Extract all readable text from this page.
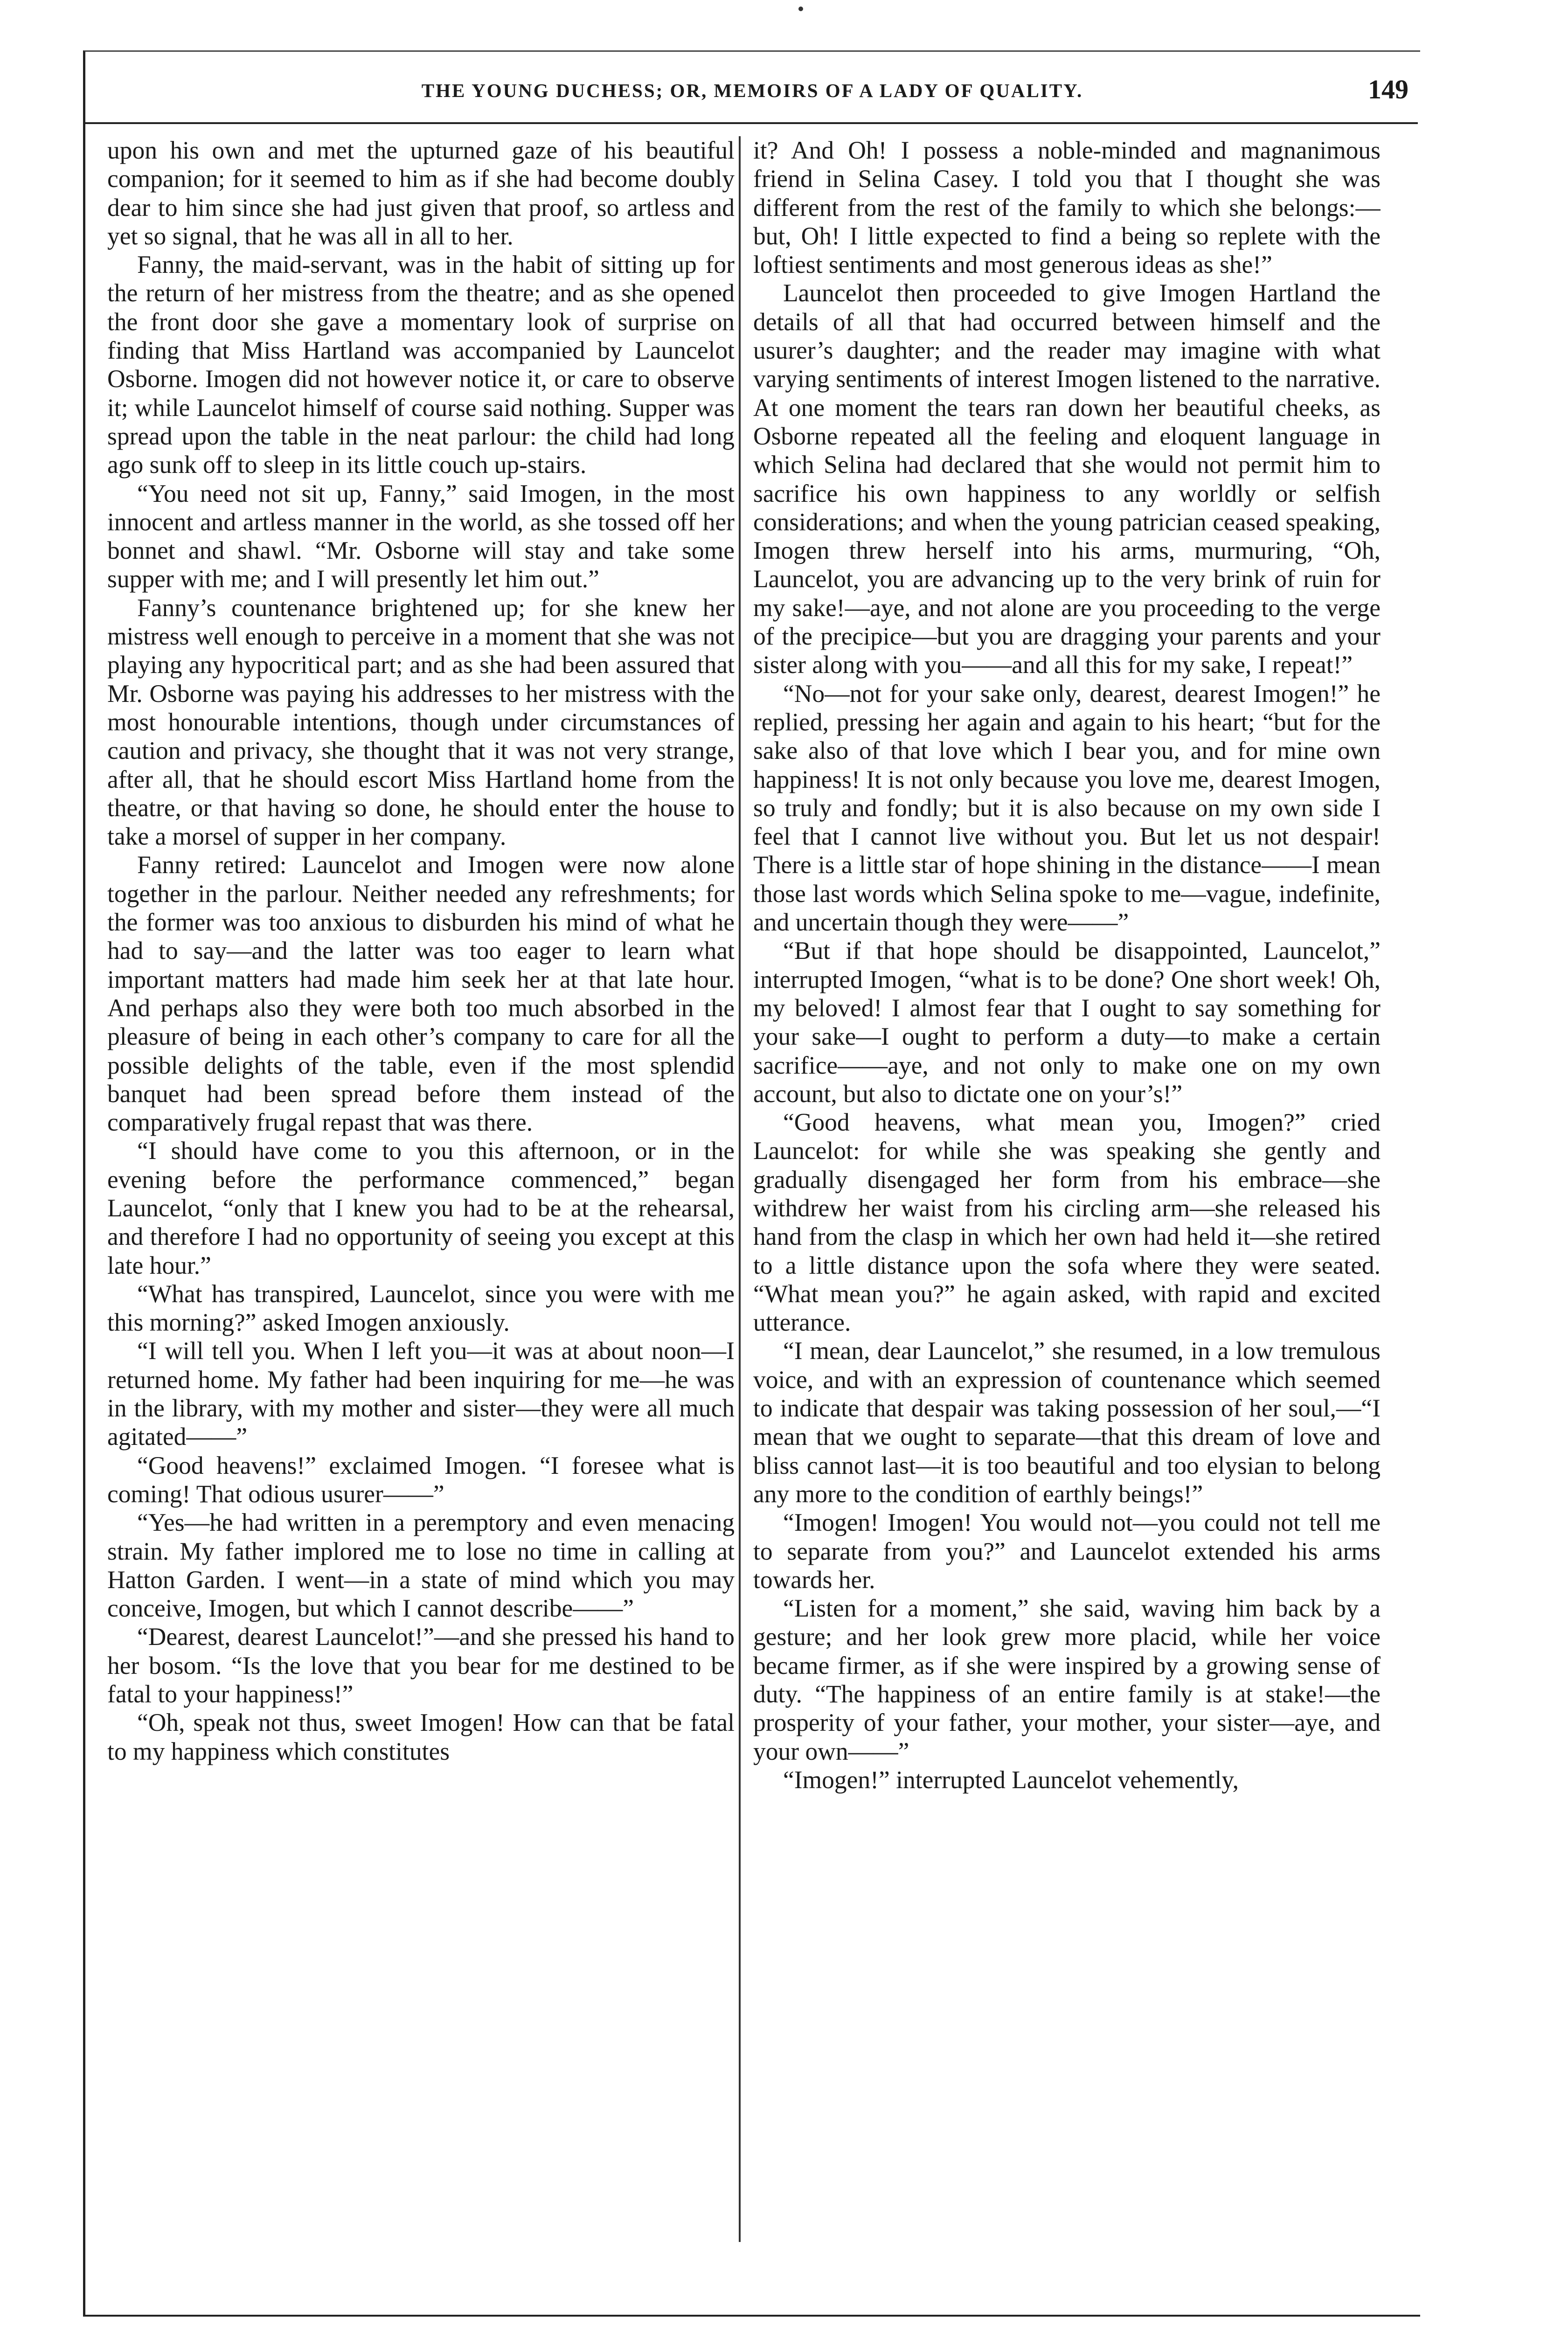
THE YOUNG DUCHESS; OR, MEMOIRS OF A LADY OF QUALITY.	149

upon his own and met the upturned gaze of his beautiful companion; for it seemed to him as if she had become doubly dear to him since she had just given that proof, so artless and yet so signal, that he was all in all to her.

Fanny, the maid-servant, was in the habit of sitting up for the return of her mistress from the theatre; and as she opened the front door she gave a momentary look of surprise on finding that Miss Hartland was accompanied by Launcelot Osborne. Imogen did not however notice it, or care to observe it; while Launcelot himself of course said nothing. Supper was spread upon the table in the neat parlour: the child had long ago sunk off to sleep in its little couch up-stairs.

“You need not sit up, Fanny,” said Imogen, in the most innocent and artless manner in the world, as she tossed off her bonnet and shawl. “Mr. Osborne will stay and take some supper with me; and I will presently let him out.”

Fanny’s countenance brightened up; for she knew her mistress well enough to perceive in a moment that she was not playing any hypocritical part; and as she had been assured that Mr. Osborne was paying his addresses to her mistress with the most honourable intentions, though under circumstances of caution and privacy, she thought that it was not very strange, after all, that he should escort Miss Hartland home from the theatre, or that having so done, he should enter the house to take a morsel of supper in her company.

Fanny retired: Launcelot and Imogen were now alone together in the parlour. Neither needed any refreshments; for the former was too anxious to disburden his mind of what he had to say—and the latter was too eager to learn what important matters had made him seek her at that late hour. And perhaps also they were both too much absorbed in the pleasure of being in each other’s company to care for all the possible delights of the table, even if the most splendid banquet had been spread before them instead of the comparatively frugal repast that was there.

“I should have come to you this afternoon, or in the evening before the performance commenced,” began Launcelot, “only that I knew you had to be at the rehearsal, and therefore I had no opportunity of seeing you except at this late hour.”

“What has transpired, Launcelot, since you were with me this morning?” asked Imogen anxiously.

“I will tell you. When I left you—it was at about noon—I returned home. My father had been inquiring for me—he was in the library, with my mother and sister—they were all much agitated——”

“Good heavens!” exclaimed Imogen. “I foresee what is coming! That odious usurer——”

“Yes—he had written in a peremptory and even menacing strain. My father implored me to lose no time in calling at Hatton Garden. I went—in a state of mind which you may conceive, Imogen, but which I cannot describe——”

“Dearest, dearest Launcelot!”—and she pressed his hand to her bosom. “Is the love that you bear for me destined to be fatal to your happiness!”

“Oh, speak not thus, sweet Imogen! How can that be fatal to my happiness which constitutes

it? And Oh! I possess a noble-minded and magnanimous friend in Selina Casey. I told you that I thought she was different from the rest of the family to which she belongs:—but, Oh! I little expected to find a being so replete with the loftiest sentiments and most generous ideas as she!”

Launcelot then proceeded to give Imogen Hartland the details of all that had occurred between himself and the usurer’s daughter; and the reader may imagine with what varying sentiments of interest Imogen listened to the narrative. At one moment the tears ran down her beautiful cheeks, as Osborne repeated all the feeling and eloquent language in which Selina had declared that she would not permit him to sacrifice his own happiness to any worldly or selfish considerations; and when the young patrician ceased speaking, Imogen threw herself into his arms, murmuring, “Oh, Launcelot, you are advancing up to the very brink of ruin for my sake!—aye, and not alone are you proceeding to the verge of the precipice—but you are dragging your parents and your sister along with you——and all this for my sake, I repeat!”

“No—not for your sake only, dearest, dearest Imogen!” he replied, pressing her again and again to his heart; “but for the sake also of that love which I bear you, and for mine own happiness! It is not only because you love me, dearest Imogen, so truly and fondly; but it is also because on my own side I feel that I cannot live without you. But let us not despair! There is a little star of hope shining in the distance——I mean those last words which Selina spoke to me—vague, indefinite, and uncertain though they were——”

“But if that hope should be disappointed, Launcelot,” interrupted Imogen, “what is to be done? One short week! Oh, my beloved! I almost fear that I ought to say something for your sake—I ought to perform a duty—to make a certain sacrifice——aye, and not only to make one on my own account, but also to dictate one on your’s!”

“Good heavens, what mean you, Imogen?” cried Launcelot: for while she was speaking she gently and gradually disengaged her form from his embrace—she withdrew her waist from his circling arm—she released his hand from the clasp in which her own had held it—she retired to a little distance upon the sofa where they were seated. “What mean you?” he again asked, with rapid and excited utterance.

“I mean, dear Launcelot,” she resumed, in a low tremulous voice, and with an expression of countenance which seemed to indicate that despair was taking possession of her soul,—“I mean that we ought to separate—that this dream of love and bliss cannot last—it is too beautiful and too elysian to belong any more to the condition of earthly beings!”

“Imogen! Imogen! You would not—you could not tell me to separate from you?” and Launcelot extended his arms towards her.

“Listen for a moment,” she said, waving him back by a gesture; and her look grew more placid, while her voice became firmer, as if she were inspired by a growing sense of duty. “The happiness of an entire family is at stake!—the prosperity of your father, your mother, your sister—aye, and your own——”

“Imogen!” interrupted Launcelot vehemently,
